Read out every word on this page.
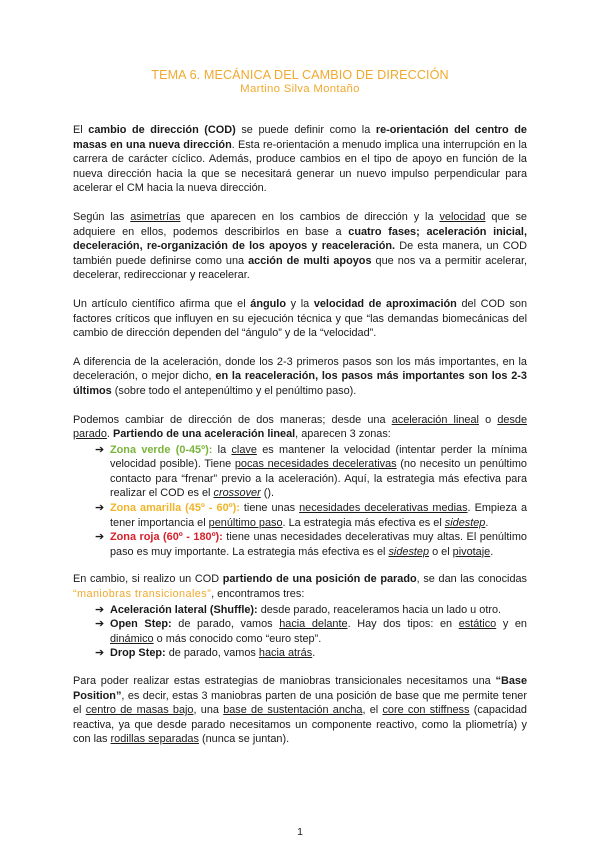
TEMA 6. MECÁNICA DEL CAMBIO DE DIRECCIÓN
Martino Silva Montaño

El cambio de dirección (COD) se puede definir como la re-orientación del centro de masas en una nueva dirección. Esta re-orientación a menudo implica una interrupción en la carrera de carácter cíclico. Además, produce cambios en el tipo de apoyo en función de la nueva dirección hacia la que se necesitará generar un nuevo impulso perpendicular para acelerar el CM hacia la nueva dirección.

Según las asimetrías que aparecen en los cambios de dirección y la velocidad que se adquiere en ellos, podemos describirlos en base a cuatro fases; aceleración inicial, deceleración, re-organización de los apoyos y reaceleración. De esta manera, un COD también puede definirse como una acción de multi apoyos que nos va a permitir acelerar, decelerar, redireccionar y reacelerar.

Un artículo científico afirma que el ángulo y la velocidad de aproximación del COD son factores críticos que influyen en su ejecución técnica y que “las demandas biomecánicas del cambio de dirección dependen del “ángulo” y de la “velocidad”.

A diferencia de la aceleración, donde los 2-3 primeros pasos son los más importantes, en la deceleración, o mejor dicho, en la reaceleración, los pasos más importantes son los 2-3 últimos (sobre todo el antepenúltimo y el penúltimo paso).

Podemos cambiar de dirección de dos maneras; desde una aceleración lineal o desde parado. Partiendo de una aceleración lineal, aparecen 3 zonas:

➔ Zona verde (0-45º): la clave es mantener la velocidad (intentar perder la mínima velocidad posible). Tiene pocas necesidades decelerativas (no necesito un penúltimo contacto para “frenar” previo a la aceleración). Aquí, la estrategia más efectiva para realizar el COD es el crossover ().
➔ Zona amarilla (45º - 60º): tiene unas necesidades decelerativas medias. Empieza a tener importancia el penúltimo paso. La estrategia más efectiva es el sidestep.
➔ Zona roja (60º - 180º): tiene unas necesidades decelerativas muy altas. El penúltimo paso es muy importante. La estrategia más efectiva es el sidestep o el pivotaje.

En cambio, si realizo un COD partiendo de una posición de parado, se dan las conocidas “maniobras transicionales”, encontramos tres:

➔ Aceleración lateral (Shuffle): desde parado, reaceleramos hacia un lado u otro.
➔ Open Step: de parado, vamos hacia delante. Hay dos tipos: en estático y en dinámico o más conocido como “euro step”.
➔ Drop Step: de parado, vamos hacia atrás.

Para poder realizar estas estrategias de maniobras transicionales necesitamos una “Base Position”, es decir, estas 3 maniobras parten de una posición de base que me permite tener el centro de masas bajo, una base de sustentación ancha, el core con stiffness (capacidad reactiva, ya que desde parado necesitamos un componente reactivo, como la pliometría) y con las rodillas separadas (nunca se juntan).

1
